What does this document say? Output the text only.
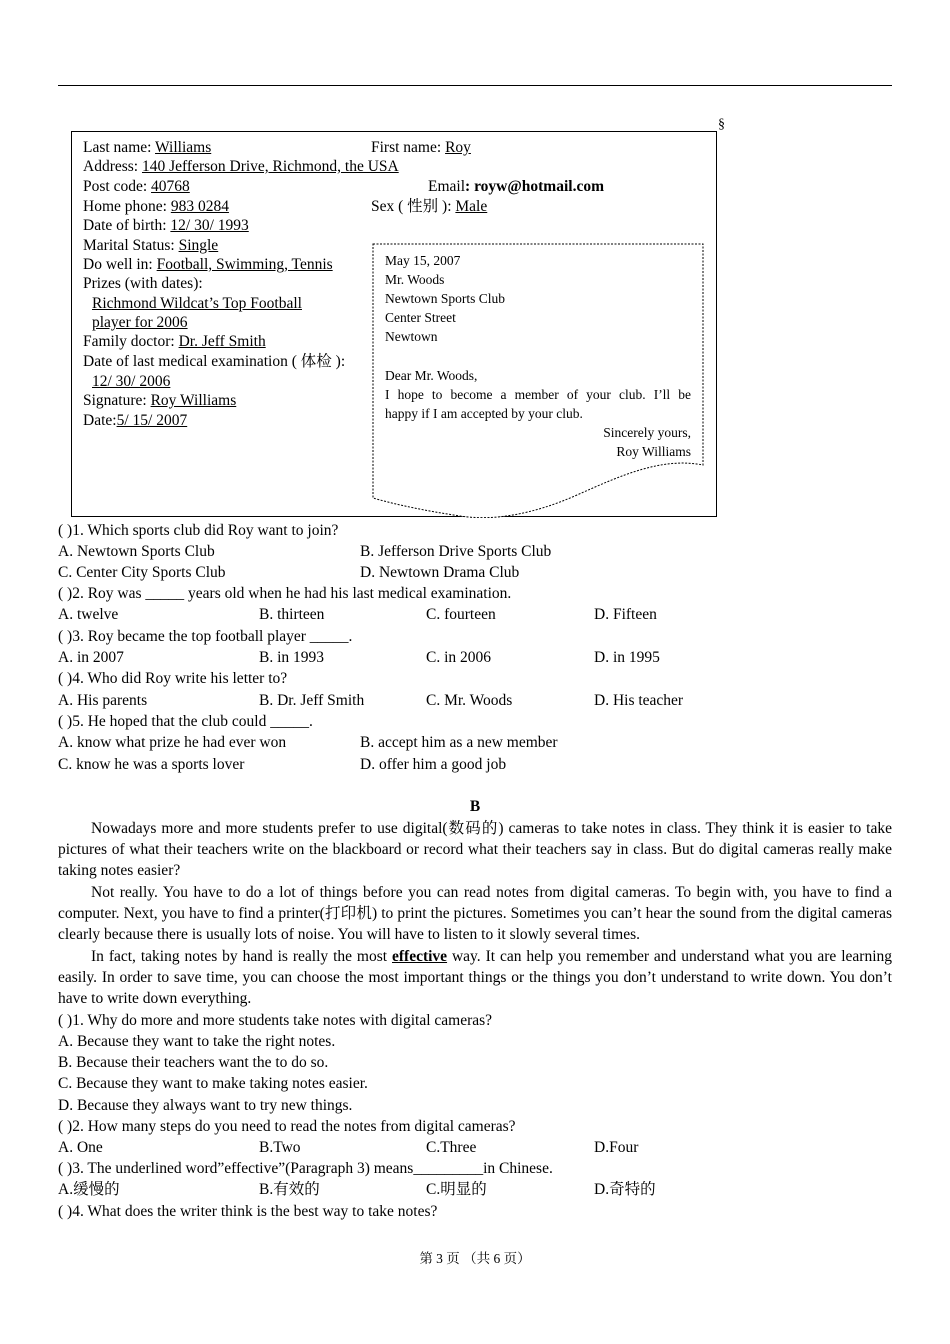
§
Last name: Williams	First name: Roy
Address: 140 Jefferson Drive, Richmond, the USA
Post code: 40768	Email: royw@hotmail.com
Home phone: 983 0284	Sex ( 性别 ): Male
Date of birth: 12/ 30/ 1993
Marital Status: Single
Do well in: Football, Swimming, Tennis
Prizes (with dates):
Richmond Wildcat’s Top Football
player for 2006
Family doctor: Dr. Jeff Smith
Date of last medical examination ( 体检 ):
12/ 30/ 2006
Signature: Roy Williams
Date:5/ 15/ 2007
May 15, 2007
Mr. Woods
Newtown Sports Club
Center Street
Newtown
Dear Mr. Woods,
I hope to become a member of your club. I’ll be
happy if I am accepted by your club.
Sincerely yours,
Roy Williams
( )1. Which sports club did Roy want to join?
A. Newtown Sports Club	B. Jefferson Drive Sports Club
C. Center City Sports Club	D. Newtown Drama Club
( )2. Roy was _____ years old when he had his last medical examination.
A. twelve	B. thirteen	C. fourteen	D. Fifteen
( )3. Roy became the top football player _____.
A. in 2007	B. in 1993	C. in 2006	D. in 1995
( )4. Who did Roy write his letter to?
A. His parents	B. Dr. Jeff Smith	C. Mr. Woods	D. His teacher
( )5. He hoped that the club could _____.
A. know what prize he had ever won	B. accept him as a new member
C. know he was a sports lover	D. offer him a good job
B
Nowadays more and more students prefer to use digital(数码的) cameras to take notes in class. They think it is easier to take pictures of what their teachers write on the blackboard or record what their teachers say in class. But do digital cameras really make taking notes easier?
Not really. You have to do a lot of things before you can read notes from digital cameras. To begin with, you have to find a computer. Next, you have to find a printer(打印机) to print the pictures. Sometimes you can’t hear the sound from the digital cameras clearly because there is usually lots of noise. You will have to listen to it slowly several times.
In fact, taking notes by hand is really the most effective way. It can help you remember and understand what you are learning easily. In order to save time, you can choose the most important things or the things you don’t understand to write down. You don’t have to write down everything.
( )1. Why do more and more students take notes with digital cameras?
A. Because they want to take the right notes.
B. Because their teachers want the to do so.
C. Because they want to make taking notes easier.
D. Because they always want to try new things.
( )2. How many steps do you need to read the notes from digital cameras?
A. One	B.Two	C.Three	D.Four
( )3. The underlined word”effective”(Paragraph 3) means_________in Chinese.
A.缓慢的	B.有效的	C.明显的	D.奇特的
( )4. What does the writer think is the best way to take notes?
第 3 页 （共 6 页）
